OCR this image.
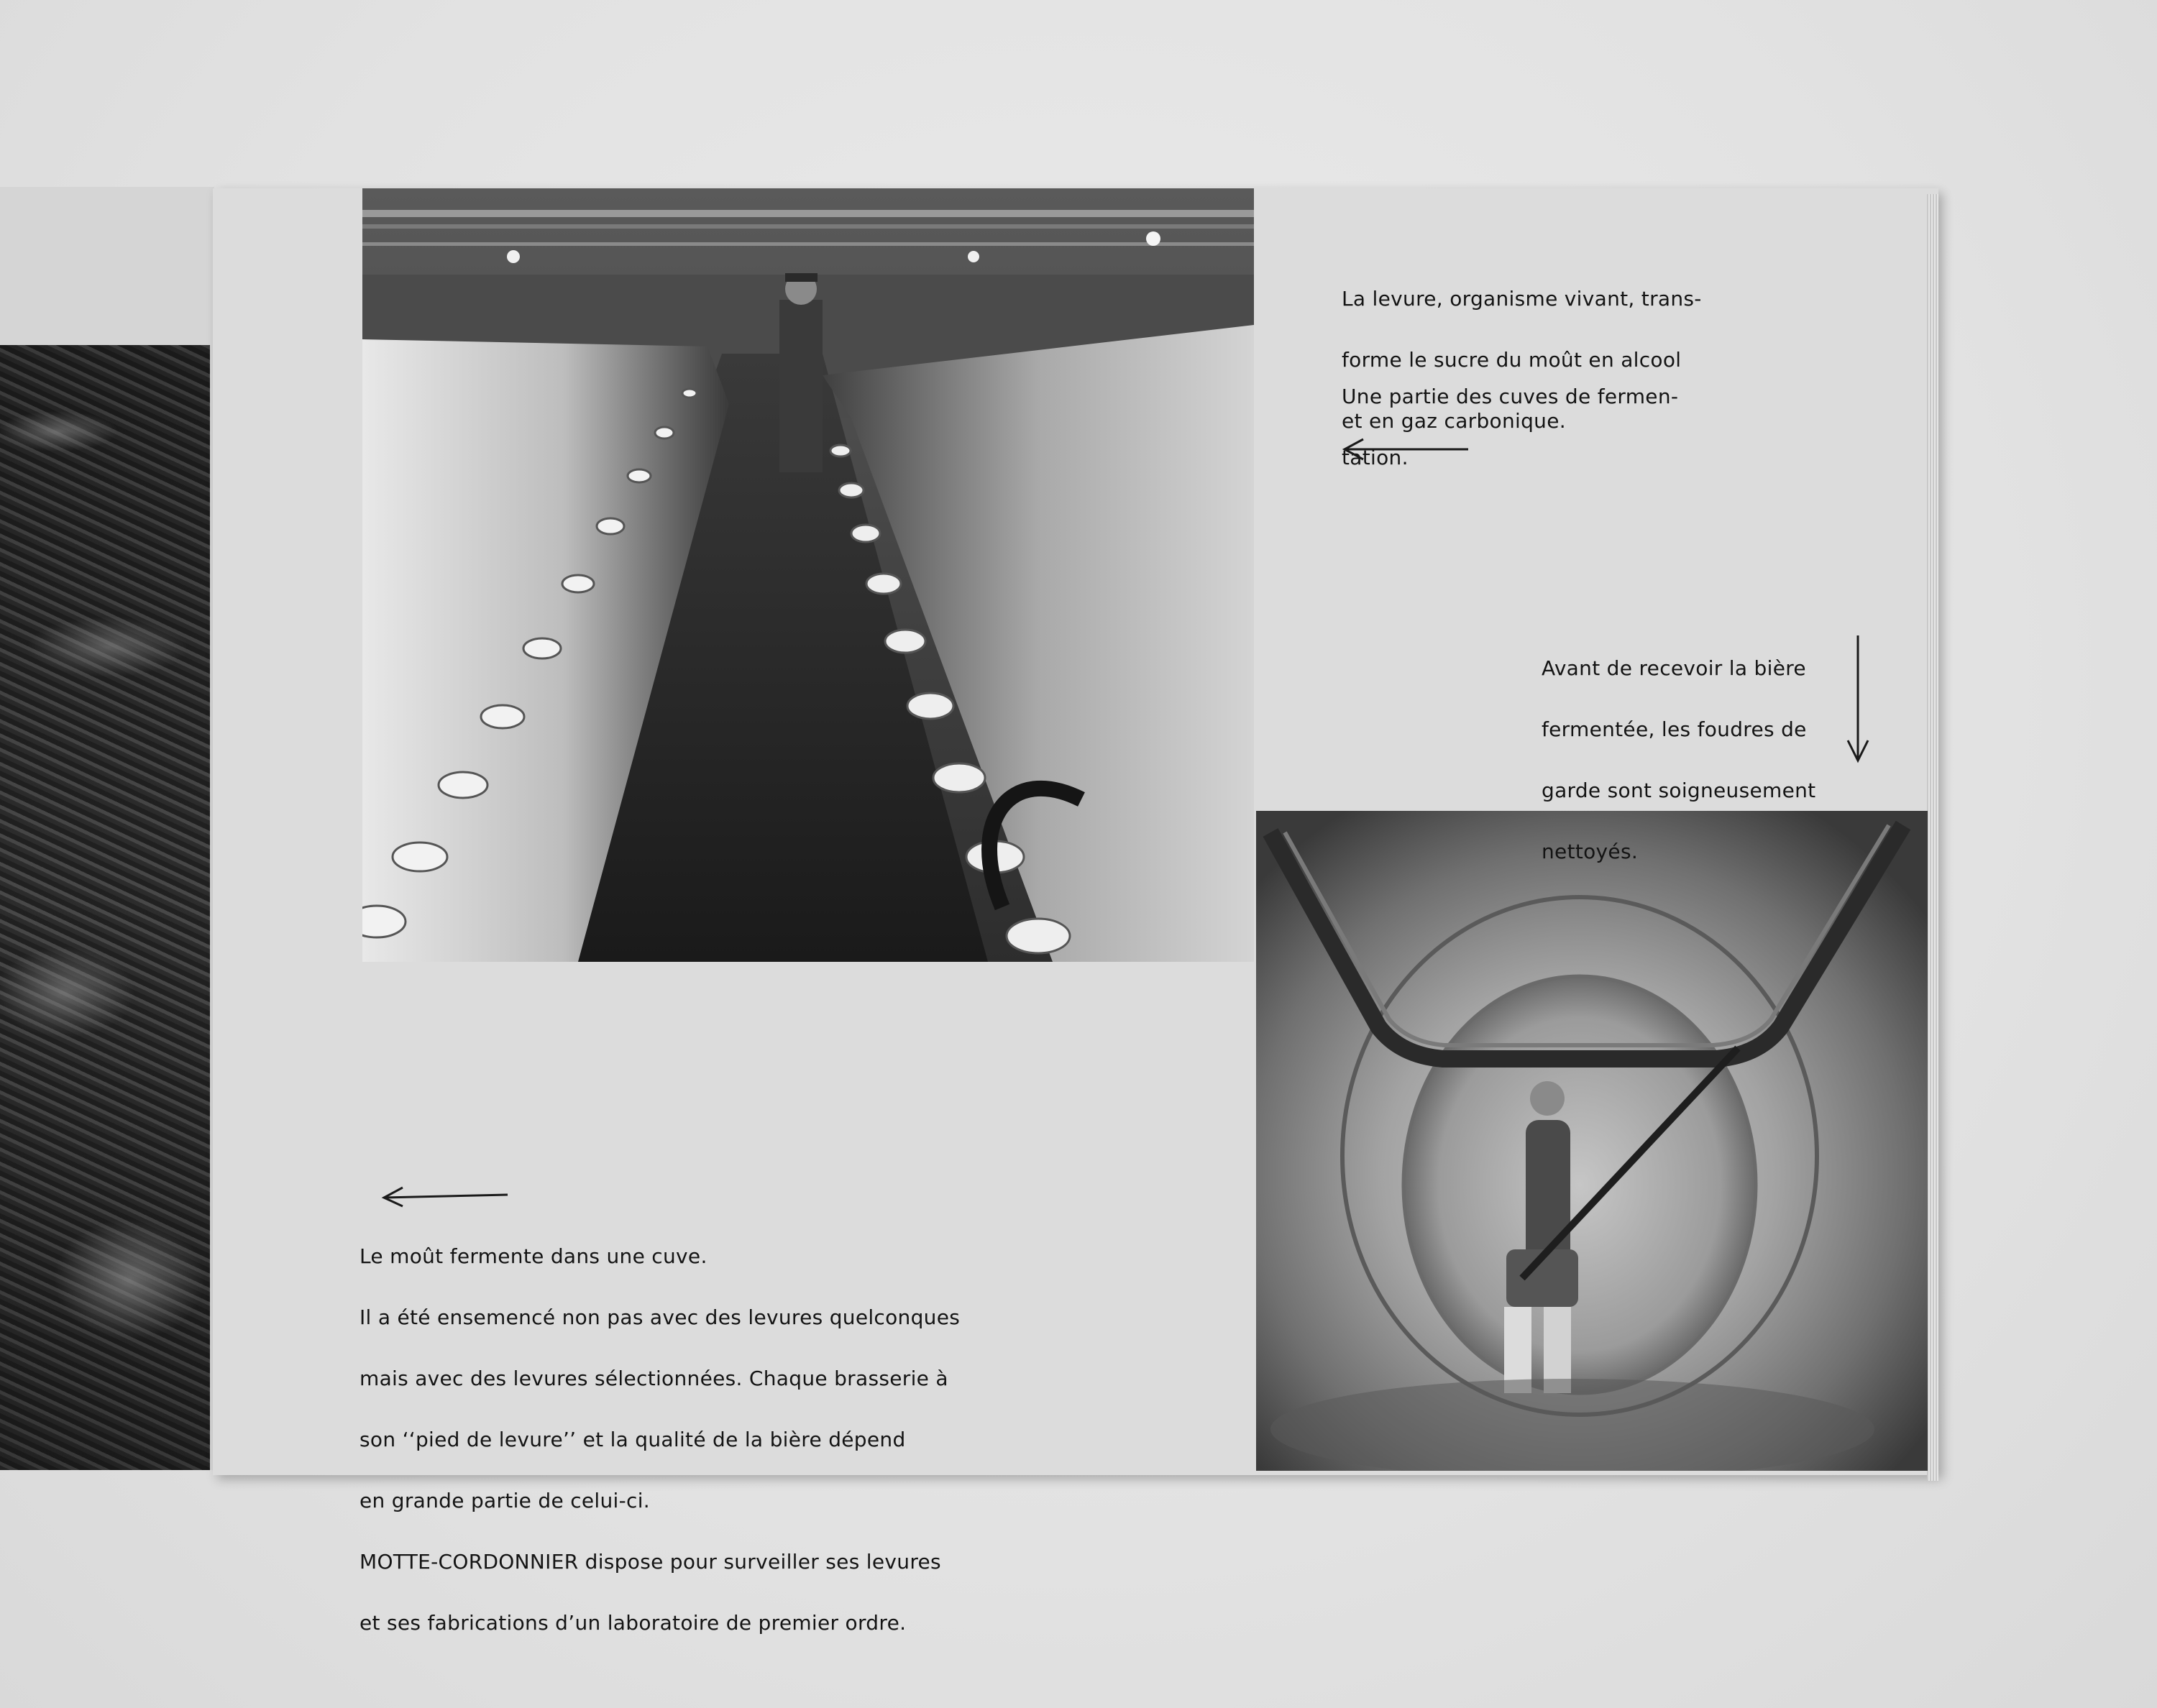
La levure, organisme vivant, trans-

forme le sucre du moût en alcool

et en gaz carbonique.

Une partie des cuves de fermen-

tation.

Avant de recevoir la bière

fermentée, les foudres de

garde sont soigneusement

nettoyés.

Le moût fermente dans une cuve.

Il a été ensemencé non pas avec des levures quelconques

mais avec des levures sélectionnées. Chaque brasserie à

son ‘‘pied de levure’’ et la qualité de la bière dépend

en grande partie de celui-ci.

MOTTE-CORDONNIER dispose pour surveiller ses levures

et ses fabrications d’un laboratoire de premier ordre.
